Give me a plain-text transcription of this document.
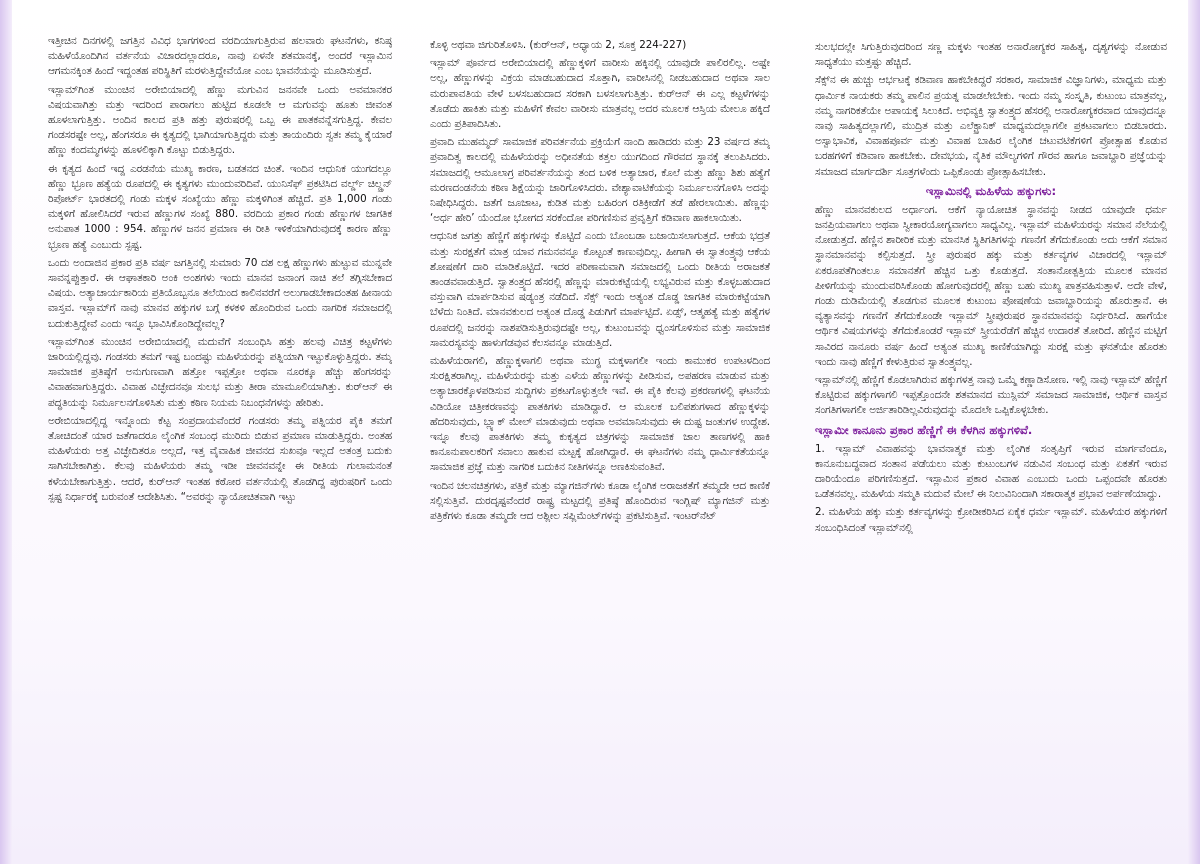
ಇತ್ತೀಚಿನ ದಿನಗಳಲ್ಲಿ ಜಗತ್ತಿನ ವಿವಿಧ ಭಾಗಗಳಿಂದ ವರದಿಯಾಗುತ್ತಿರುವ ಹಲವಾರು ಘಟನೆಗಳು, ಕನಿಷ್ಠ ಮಹಿಳೆಯೊಂದಿಗಿನ ವರ್ತನೆಯ ವಿಚಾರದಲ್ಲಾದರೂ, ನಾವು ಏಳನೇ ಶತಮಾನಕ್ಕೆ, ಅಂದರೆ ಇಸ್ಲಾಮಿನ ಆಗಮನಕ್ಕಿಂತ ಹಿಂದೆ ಇದ್ದಂತಹ ಪರಿಸ್ಥಿತಿಗೆ ಮರಳುತ್ತಿದ್ದೇವೆಯೋ ಎಂಬ ಭಾವನೆಯನ್ನು ಮೂಡಿಸುತ್ತದೆ.

ಇಸ್ಲಾಮ್‌ಗಿಂತ ಮುಂಚಿನ ಅರೇಬಿಯಾದಲ್ಲಿ ಹೆಣ್ಣು ಮಗುವಿನ ಜನನವೇ ಒಂದು ಅವಮಾನಕರ ವಿಷಯವಾಗಿತ್ತು ಮತ್ತು ಇದರಿಂದ ಪಾರಾಗಲು ಹುಟ್ಟಿದ ಕೂಡಲೇ ಆ ಮಗುವನ್ನು ಹೂತು ಜೀವಂತ ಹೂಳಲಾಗುತ್ತಿತ್ತು. ಅಂದಿನ ಕಾಲದ ಪ್ರತಿ ಹತ್ತು ಪುರುಷರಲ್ಲಿ ಒಬ್ಬ ಈ ಪಾತಕವನ್ನೆಸಗುತ್ತಿದ್ದ. ಕೇವಲ ಗಂಡಸರಷ್ಟೇ ಅಲ್ಲ, ಹೆಂಗಸರೂ ಈ ಕೃತ್ಯದಲ್ಲಿ ಭಾಗಿಯಾಗುತ್ತಿದ್ದರು ಮತ್ತು ತಾಯಂದಿರು ಸ್ವತಃ ತಮ್ಮ ಕೈಯಾರೆ ಹೆಣ್ಣು ಕಂದಮ್ಮಗಳನ್ನು ಹೂಳಲಿಕ್ಕಾಗಿ ಕೊಟ್ಟು ಬಿಡುತ್ತಿದ್ದರು.

ಈ ಕೃತ್ಯದ ಹಿಂದೆ ಇದ್ದ ಎರಡನೆಯ ಮುಖ್ಯ ಕಾರಣ, ಬಡತನದ ಚಿಂತೆ. ಇಂದಿನ ಆಧುನಿಕ ಯುಗದಲ್ಲೂ ಹೆಣ್ಣು ಭ್ರೂಣ ಹತ್ಯೆಯ ರೂಪದಲ್ಲಿ ಈ ಕೃತ್ಯಗಳು ಮುಂದುವರಿದಿವೆ. ಯುನಿಸೆಫ್ ಪ್ರಕಟಿಸಿದ ವರ್ಲ್ಡ್ ಚಿಲ್ಡ್ರನ್ ರಿಪೋರ್ಟ್ ಭಾರತದಲ್ಲಿ ಗಂಡು ಮಕ್ಕಳ ಸಂಖ್ಯೆಯು ಹೆಣ್ಣು ಮಕ್ಕಳಿಗಿಂತ ಹೆಚ್ಚಿದೆ. ಪ್ರತಿ 1,000 ಗಂಡು ಮಕ್ಕಳಿಗೆ ಹೋಲಿಸಿದರೆ ಇರುವ ಹೆಣ್ಣುಗಳ ಸಂಖ್ಯೆ 880. ವರದಿಯ ಪ್ರಕಾರ ಗಂಡು ಹೆಣ್ಣುಗಳ ಜಾಗತಿಕ ಅನುಪಾತ 1000 : 954. ಹೆಣ್ಣುಗಳ ಜನನ ಪ್ರಮಾಣ ಈ ರೀತಿ ಇಳಿಕೆಯಾಗಿರುವುದಕ್ಕೆ ಕಾರಣ ಹೆಣ್ಣು ಭ್ರೂಣ ಹತ್ಯೆ ಎಂಬುದು ಸ್ಪಷ್ಟ.

ಒಂದು ಅಂದಾಜಿನ ಪ್ರಕಾರ ಪ್ರತಿ ವರ್ಷ ಜಗತ್ತಿನಲ್ಲಿ ಸುಮಾರು 70 ದಶ ಲಕ್ಷ ಹೆಣ್ಣುಗಳು ಹುಟ್ಟುವ ಮುನ್ನವೇ ಸಾವನ್ನಪ್ಪುತ್ತಾರೆ. ಈ ಆಘಾತಕಾರಿ ಅಂಕಿ ಅಂಶಗಳು ಇಂದು ಮಾನವ ಜನಾಂಗ ನಾಚಿ ತಲೆ ತಗ್ಗಿಸಬೇಕಾದ ವಿಷಯ. ಅತ್ಯಾಚಾರ್ಯಕಾರಿಯ ಪ್ರತಿಯೊಬ್ಬನೂ ತಲೆಯಿಂದ ಕಾಲಿನವರೆಗೆ ಅಲುಗಾಡಬೇಕಾದಂತಹ ಹೀನಾಯ ವಾಸ್ತವ. ಇಸ್ಲಾಮ್‌ಗೆ ನಾವು ಮಾನವ ಹಕ್ಕುಗಳ ಬಗ್ಗೆ ಕಳಕಳಿ ಹೊಂದಿರುವ ಒಂದು ನಾಗರಿಕ ಸಮಾಜದಲ್ಲಿ ಬದುಕುತ್ತಿದ್ದೇವೆ ಎಂದು ಇನ್ನೂ ಭಾವಿಸಿಕೊಂಡಿದ್ದೇವಲ್ಲ?

ಇಸ್ಲಾಮ್‌ಗಿಂತ ಮುಂಚಿನ ಅರೇಬಿಯಾದಲ್ಲಿ ಮದುವೆಗೆ ಸಂಬಂಧಿಸಿ ಹತ್ತು ಹಲವು ವಿಚಿತ್ರ ಕಟ್ಟಳೆಗಳು ಜಾರಿಯಲ್ಲಿದ್ದವು. ಗಂಡಸರು ತಮಗೆ ಇಷ್ಟ ಬಂದಷ್ಟು ಮಹಿಳೆಯರನ್ನು ಪತ್ನಿಯಾಗಿ ಇಟ್ಟುಕೊಳ್ಳುತ್ತಿದ್ದರು. ತಮ್ಮ ಸಾಮಾಜಿಕ ಪ್ರತಿಷ್ಠೆಗೆ ಅನುಗುಣವಾಗಿ ಹತ್ತೋ ಇಪ್ಪತ್ತೋ ಅಥವಾ ನೂರಕ್ಕೂ ಹೆಚ್ಚು ಹೆಂಗಸರನ್ನು ವಿವಾಹವಾಗುತ್ತಿದ್ದರು. ವಿವಾಹ ವಿಚ್ಛೇದನವೂ ಸುಲಭ ಮತ್ತು ತೀರಾ ಮಾಮೂಲಿಯಾಗಿತ್ತು. ಕುರ್‌ಆನ್ ಈ ಪದ್ಧತಿಯನ್ನು ನಿರ್ಮೂಲನಗೊಳಿಸಿತು ಮತ್ತು ಕಠಿಣ ನಿಯಮ ನಿಬಂಧನೆಗಳನ್ನು ಹೇರಿತು.

ಅರೇಬಿಯಾದಲ್ಲಿದ್ದ ಇನ್ನೊಂದು ಕೆಟ್ಟ ಸಂಪ್ರದಾಯವೆಂದರೆ ಗಂಡಸರು ತಮ್ಮ ಪತ್ನಿಯರ ಪೈಕಿ ತಮಗೆ ತೋಚಿದಂತೆ ಯಾರ ಜತೆಗಾದರೂ ಲೈಂಗಿಕ ಸಂಬಂಧ ಮುರಿದು ಬಿಡುವ ಪ್ರಮಾಣ ಮಾಡುತ್ತಿದ್ದರು. ಅಂತಹ ಮಹಿಳೆಯರು ಅತ್ತ ವಿಚ್ಛೇದಿತರೂ ಅಲ್ಲದೆ, ಇತ್ತ ವೈವಾಹಿಕ ಜೀವನದ ಸುಖವೂ ಇಲ್ಲದೆ ಅತಂತ್ರ ಬದುಕು ಸಾಗಿಸಬೇಕಾಗಿತ್ತು. ಕೆಲವು ಮಹಿಳೆಯರು ತಮ್ಮ ಇಡೀ ಜೀವನವನ್ನೇ ಈ ರೀತಿಯ ಗುಲಾಮನಂತೆ ಕಳೆಯಬೇಕಾಗುತ್ತಿತ್ತು. ಆದರೆ, ಕುರ್‌ಆನ್ ಇಂತಹ ಕಠೋರ ವರ್ತನೆಯಲ್ಲಿ ತೊಡಗಿದ್ದ ಪುರುಷರಿಗೆ ಒಂದು ಸ್ಪಷ್ಟ ನಿರ್ಧಾರಕ್ಕೆ ಬರುವಂತೆ ಆದೇಶಿಸಿತು. “ಅವರನ್ನು ನ್ಯಾಯೋಚಿತವಾಗಿ ಇಟ್ಟು

ಕೊಳ್ಳಿ ಅಥವಾ ಜಿಗುರಿತೊಳಿಸಿ. (ಕುರ್‌ಆನ್, ಅಧ್ಯಾಯ 2, ಸೂಕ್ತ 224-227)

ಇಸ್ಲಾಮ್ ಪೂರ್ವದ ಅರೇಬಿಯಾದಲ್ಲಿ ಹೆಣ್ಣುಕ್ಕಳಿಗೆ ವಾರೀಸು ಹಕ್ಕಿನಲ್ಲಿ ಯಾವುದೇ ಪಾಲಿರಲಿಲ್ಲ. ಅಷ್ಟೇ ಅಲ್ಲ, ಹೆಣ್ಣುಗಳನ್ನು ವಿಕ್ರಯ ಮಾಡಬಹುದಾದ ಸೊತ್ತಾಗಿ, ವಾರೀಸಿನಲ್ಲಿ ನೀಡಬಹುದಾದ ಅಥವಾ ಸಾಲ ಮರುಪಾವತಿಯ ವೇಳೆ ಬಳಸಬಹುದಾದ ಸರಕಾಗಿ ಬಳಸಲಾಗುತ್ತಿತ್ತು. ಕುರ್‌ಆನ್ ಈ ಎಲ್ಲ ಕಟ್ಟಳೆಗಳನ್ನು ತೊಡೆದು ಹಾಕಿತು ಮತ್ತು ಮಹಿಳೆಗೆ ಕೇವಲ ವಾರೀಸು ಮಾತ್ರವಲ್ಲ ಅದರ ಮೂಲಕ ಆಸ್ತಿಯ ಮೇಲೂ ಹಕ್ಕಿದೆ ಎಂದು ಪ್ರತಿಪಾದಿಸಿತು.

ಪ್ರವಾದಿ ಮುಹಮ್ಮದ್ ಸಾಮಾಜಿಕ ಪರಿವರ್ತನೆಯ ಪ್ರಕ್ರಿಯೆಗೆ ನಾಂದಿ ಹಾಡಿದರು ಮತ್ತು 23 ವರ್ಷದ ತಮ್ಮ ಪ್ರವಾದಿತ್ವ ಕಾಲದಲ್ಲಿ ಮಹಿಳೆಯರನ್ನು ಅಧೀನತೆಯ ಕತ್ತಲ ಯುಗದಿಂದ ಗೌರವದ ಸ್ಥಾನಕ್ಕೆ ತಲುಪಿಸಿದರು. ಸಮಾಜದಲ್ಲಿ ಆಮೂಲಾಗ್ರ ಪರಿವರ್ತನೆಯನ್ನು ತಂದ ಬಳಿಕ ಅತ್ಯಾಚಾರ, ಕೊಲೆ ಮತ್ತು ಹೆಣ್ಣು ಶಿಶು ಹತ್ಯೆಗೆ ಮರಣದಂಡನೆಯ ಕಠಿಣ ಶಿಕ್ಷೆಯನ್ನು ಜಾರಿಗೊಳಿಸಿದರು. ವೇಶ್ಯಾವಾಟಿಕೆಯನ್ನು ನಿರ್ಮೂಲನಗೊಳಿಸಿ ಅದನ್ನು ನಿಷೇಧಿಸಿದ್ದರು. ಜತೆಗೆ ಜೂಜಾಟ, ಕುಡಿತ ಮತ್ತು ಬಹಿರಂಗ ರತಿಕ್ರೀಡೆಗೆ ತಡೆ ಹೇರಲಾಯಿತು. ಹೆಣ್ಣನ್ನು ‘ಅರ್ಧ ಹೇರಿ’ ಯೆಂದೋ ಭೋಗದ ಸರಕೆಂದೋ ಪರಿಗಣಿಸುವ ಪ್ರವೃತ್ತಿಗೆ ಕಡಿವಾಣ ಹಾಕಲಾಯಿತು.

ಆಧುನಿಕ ಜಗತ್ತು ಹೆಣ್ಣಿಗೆ ಹಕ್ಕುಗಳನ್ನು ಕೊಟ್ಟಿದೆ ಎಂದು ಬೊಂಬಡಾ ಬಜಾಯಿಸಲಾಗುತ್ತದೆ. ಆಕೆಯ ಭದ್ರತೆ ಮತ್ತು ಸುರಕ್ಷತೆಗೆ ಮಾತ್ರ ಯಾವ ಗಮನವನ್ನೂ ಕೊಟ್ಟಂತೆ ಕಾಣುವುದಿಲ್ಲ. ಹೀಗಾಗಿ ಈ ಸ್ವಾತಂತ್ರ್ಯವು ಆಕೆಯ ಶೋಷಣೆಗೆ ದಾರಿ ಮಾಡಿಕೊಟ್ಟಿದೆ. ಇದರ ಪರಿಣಾಮವಾಗಿ ಸಮಾಜದಲ್ಲಿ ಒಂದು ರೀತಿಯ ಅರಾಜಕತೆ ತಾಂಡವವಾಡುತ್ತಿದೆ. ಸ್ವಾತಂತ್ರ್ಯದ ಹೆಸರಲ್ಲಿ ಹೆಣ್ಣನ್ನು ಮಾರುಕಟ್ಟೆಯಲ್ಲಿ ಲಭ್ಯವಿರುವ ಮತ್ತು ಕೊಳ್ಳಬಹುದಾದ ವಸ್ತುವಾಗಿ ಮಾರ್ಪಡಿಸುವ ಷಡ್ಯಂತ್ರ ನಡೆದಿದೆ. ಸೆಕ್ಸ್ ಇಂದು ಅತ್ಯಂತ ದೊಡ್ಡ ಜಾಗತಿಕ ಮಾರುಕಟ್ಟೆಯಾಗಿ ಬೆಳೆದು ನಿಂತಿದೆ. ಮಾನವಕುಲದ ಅತ್ಯಂತ ದೊಡ್ಡ ಪಿಡುಗಿಗೆ ಮಾರ್ಪಟ್ಟಿದೆ. ಏಡ್ಸ್, ಆತ್ಮಹತ್ಯೆ ಮತ್ತು ಹತ್ಯೆಗಳ ರೂಪದಲ್ಲಿ ಜನರನ್ನು ನಾಶಪಡಿಸುತ್ತಿರುವುದಷ್ಟೇ ಅಲ್ಲ, ಕುಟುಂಬವನ್ನು ಧ್ವಂಸಗೊಳಿಸುವ ಮತ್ತು ಸಾಮಾಜಿಕ ಸಾಮರಸ್ಯವನ್ನು ಹಾಳುಗೆಡವುವ ಕೆಲಸವನ್ನೂ ಮಾಡುತ್ತಿದೆ.

ಮಹಿಳೆಯರಾಗಲಿ, ಹೆಣ್ಣುಕ್ಕಳಾಗಲಿ ಅಥವಾ ಮುಗ್ಧ ಮಕ್ಕಳಾಗಲೀ ಇಂದು ಕಾಮುಕರ ಉಪಟಳದಿಂದ ಸುರಕ್ಷಿತರಾಗಿಲ್ಲ. ಮಹಿಳೆಯರನ್ನು ಮತ್ತು ಎಳೆಯ ಹೆಣ್ಣುಗಳನ್ನು ಪೀಡಿಸುವ, ಅಪಹರಣ ಮಾಡುವ ಮತ್ತು ಅತ್ಯಾಚಾರಕ್ಕೊಳಪಡಿಸುವ ಸುದ್ದಿಗಳು ಪ್ರಕಟಗೊಳ್ಳುತ್ತಲೇ ಇವೆ. ಈ ಪೈಕಿ ಕೆಲವು ಪ್ರಕರಣಗಳಲ್ಲಿ ಘಟನೆಯ ವಿಡಿಯೋ ಚಿತ್ರೀಕರಣವನ್ನು ಪಾತಕಿಗಳು ಮಾಡಿದ್ದಾರೆ. ಆ ಮೂಲಕ ಬಲಿಪಶುಗಳಾದ ಹೆಣ್ಣುಕ್ಕಳನ್ನು ಹೆದರಿಸುವುದು, ಬ್ಲ್ಯಾಕ್ ಮೇಲ್ ಮಾಡುವುದು ಅಥವಾ ಅವಮಾನಿಸುವುದು ಈ ದುಷ್ಟ ಜಂತುಗಳ ಉದ್ದೇಶ. ಇನ್ನೂ ಕೆಲವು ಪಾತಕಿಗಳು ತಮ್ಮ ಕುಕೃತ್ಯದ ಚಿತ್ರಗಳನ್ನು ಸಾಮಾಜಿಕ ಜಾಲ ತಾಣಗಳಲ್ಲಿ ಹಾಕಿ ಕಾನೂನುಪಾಲಕರಿಗೆ ಸವಾಲು ಹಾಕುವ ಮಟ್ಟಕ್ಕೆ ಹೋಗಿದ್ದಾರೆ. ಈ ಘಟನೆಗಳು ನಮ್ಮ ಧಾರ್ಮಿಕತೆಯನ್ನೂ ಸಾಮಾಜಿಕ ಪ್ರಜ್ಞೆ ಮತ್ತು ನಾಗರಿಕ ಬದುಕಿನ ನೀತಿಗಳನ್ನೂ ಅಣಕಿಸುವಂತಿವೆ.

ಇಂದಿನ ಚಲನಚಿತ್ರಗಳು, ಪತ್ರಿಕೆ ಮತ್ತು ಮ್ಯಾಗಜಿನ್‌ಗಳು ಕೂಡಾ ಲೈಂಗಿಕ ಅರಾಜಕತೆಗೆ ತಮ್ಮದೇ ಆದ ಕಾಣಿಕೆ ಸಲ್ಲಿಸುತ್ತಿವೆ. ದುರದೃಷ್ಟವೆಂದರೆ ರಾಷ್ಟ್ರ ಮಟ್ಟದಲ್ಲಿ ಪ್ರತಿಷ್ಠೆ ಹೊಂದಿರುವ ಇಂಗ್ಲಿಷ್ ಮ್ಯಾಗಜಿನ್ ಮತ್ತು ಪತ್ರಿಕೆಗಳು ಕೂಡಾ ತಮ್ಮದೇ ಆದ ಅಶ್ಲೀಲ ಸಪ್ಲಿಮೆಂಟ್‌ಗಳನ್ನು ಪ್ರಕಟಿಸುತ್ತಿವೆ. ಇಂಟರ್‌ನೆಟ್

ಸುಲಭದಲ್ಲೇ ಸಿಗುತ್ತಿರುವುದರಿಂದ ಸಣ್ಣ ಮಕ್ಕಳು ಇಂತಹ ಅನಾರೋಗ್ಯಕರ ಸಾಹಿತ್ಯ, ದೃಶ್ಯಗಳನ್ನು ನೋಡುವ ಸಾಧ್ಯತೆಯು ಮತ್ತಷ್ಟು ಹೆಚ್ಚಿದೆ.

ಸೆಕ್ಸ್‌ನ ಈ ಹುಚ್ಚು ಆರ್ಭಟಕ್ಕೆ ಕಡಿವಾಣ ಹಾಕಬೇಕಿದ್ದರೆ ಸರಕಾರ, ಸಾಮಾಜಿಕ ವಿಜ್ಞಾನಿಗಳು, ಮಾಧ್ಯಮ ಮತ್ತು ಧಾರ್ಮಿಕ ನಾಯಕರು ತಮ್ಮ ಪಾಲಿನ ಪ್ರಯತ್ನ ಮಾಡಲೇಬೇಕು. ಇಂದು ನಮ್ಮ ಸಂಸ್ಕೃತಿ, ಕುಟುಂಬ ಮಾತ್ರವಲ್ಲ, ನಮ್ಮ ನಾಗರಿಕತೆಯೇ ಅಪಾಯಕ್ಕೆ ಸಿಲುಕಿದೆ. ಅಭಿವ್ಯಕ್ತಿ ಸ್ವಾತಂತ್ರ್ಯದ ಹೆಸರಲ್ಲಿ ಅನಾರೋಗ್ಯಕರವಾದ ಯಾವುದನ್ನೂ ನಾವು ಸಾಹಿತ್ಯದಲ್ಲಾಗಲಿ, ಮುದ್ರಿತ ಮತ್ತು ಎಲೆಕ್ಟ್ರಾನಿಕ್ ಮಾಧ್ಯಮದಲ್ಲಾಗಲೀ ಪ್ರಕಟವಾಗಲು ಬಿಡಬಾರದು. ಅಸ್ವಾಭಾವಿಕ, ವಿವಾಹಪೂರ್ವ ಮತ್ತು ವಿವಾಹ ಬಾಹಿರ ಲೈಂಗಿಕ ಚಟುವಟಿಕೆಗಳಿಗೆ ಪ್ರೋತ್ಸಾಹ ಕೊಡುವ ಬರಹಗಳಿಗೆ ಕಡಿವಾಣ ಹಾಕಬೇಕು. ದೇವಭಯ, ನೈತಿಕ ಮೌಲ್ಯಗಳಿಗೆ ಗೌರವ ಹಾಗೂ ಜವಾಬ್ದಾರಿ ಪ್ರಜ್ಞೆಯನ್ನು ಸಮಾಜದ ಮಾರ್ಗದರ್ಶಿ ಸೂತ್ರಗಳೆಂದು ಒಪ್ಪಿಕೊಂಡು ಪ್ರೋತ್ಸಾಹಿಸಬೇಕು.

ಇಸ್ಲಾಮಿನಲ್ಲಿ ಮಹಿಳೆಯ ಹಕ್ಕುಗಳು:

ಹೆಣ್ಣು ಮಾನವಕುಲದ ಅರ್ಧಾಂಗ. ಆಕೆಗೆ ನ್ಯಾಯೋಚಿತ ಸ್ಥಾನವನ್ನು ನೀಡದ ಯಾವುದೇ ಧರ್ಮ ಜನಪ್ರಿಯವಾಗಲು ಅಥವಾ ಸ್ವೀಕಾರಯೋಗ್ಯವಾಗಲು ಸಾಧ್ಯವಿಲ್ಲ. ಇಸ್ಲಾಮ್ ಮಹಿಳೆಯರನ್ನು ಸಮಾನ ನೆಲೆಯಲ್ಲಿ ನೋಡುತ್ತದೆ. ಹೆಣ್ಣಿನ ಶಾರೀರಿಕ ಮತ್ತು ಮಾನಸಿಕ ಸ್ಥಿತಿಗತಿಗಳನ್ನು ಗಣನೆಗೆ ತೆಗೆದುಕೊಂಡು ಅದು ಆಕೆಗೆ ಸಮಾನ ಸ್ಥಾನಮಾನವನ್ನು ಕಲ್ಪಿಸುತ್ತದೆ. ಸ್ತ್ರೀ ಪುರುಷರ ಹಕ್ಕು ಮತ್ತು ಕರ್ತವ್ಯಗಳ ವಿಚಾರದಲ್ಲಿ ಇಸ್ಲಾಮ್ ಏಕರೂಪತೆಗಿಂತಲೂ ಸಮಾನತೆಗೆ ಹೆಚ್ಚಿನ ಒತ್ತು ಕೊಡುತ್ತದೆ. ಸಂತಾನೋತ್ಪತ್ತಿಯ ಮೂಲಕ ಮಾನವ ಪೀಳಿಗೆಯನ್ನು ಮುಂದುವರಿಸಿಕೊಂಡು ಹೋಗುವುದರಲ್ಲಿ ಹೆಣ್ಣು ಬಹು ಮುಖ್ಯ ಪಾತ್ರವಹಿಸುತ್ತಾಳೆ. ಅದೇ ವೇಳೆ, ಗಂಡು ದುಡಿಮೆಯಲ್ಲಿ ತೊಡಗುವ ಮೂಲಕ ಕುಟುಂಬ ಪೋಷಣೆಯ ಜವಾಬ್ದಾರಿಯನ್ನು ಹೊರುತ್ತಾನೆ. ಈ ವ್ಯತ್ಯಾಸವನ್ನು ಗಣನೆಗೆ ತೆಗೆದುಕೊಂಡೇ ಇಸ್ಲಾಮ್ ಸ್ತ್ರೀಪುರುಷರ ಸ್ಥಾನಮಾನವನ್ನು ನಿರ್ಧರಿಸಿದೆ. ಹಾಗೆಯೇ ಆರ್ಥಿಕ ವಿಷಯಗಳನ್ನು ತೆಗೆದುಕೊಂಡರೆ ಇಸ್ಲಾಮ್ ಸ್ತ್ರೀಯರೆಡೆಗೆ ಹೆಚ್ಚಿನ ಉದಾರತೆ ತೋರಿದೆ. ಹೆಣ್ಣಿನ ಮಟ್ಟಿಗೆ ಸಾವಿರದ ನಾನೂರು ವರ್ಷ ಹಿಂದೆ ಅತ್ಯಂತ ಮುಖ್ಯ ಕಾಣಿಕೆಯಾಗಿದ್ದು ಸುರಕ್ಷೆ ಮತ್ತು ಘನತೆಯೇ ಹೊರತು ಇಂದು ನಾವು ಹೆಣ್ಣಿಗೆ ಕೇಳುತ್ತಿರುವ ಸ್ವಾತಂತ್ರ್ಯವಲ್ಲ.

ಇಸ್ಲಾಮ್‌ನಲ್ಲಿ ಹೆಣ್ಣಿಗೆ ಕೊಡಲಾಗಿರುವ ಹಕ್ಕುಗಳತ್ತ ನಾವು ಒಮ್ಮೆ ಕಣ್ಣಾಡಿಸೋಣ. ಇಲ್ಲಿ ನಾವು ಇಸ್ಲಾಮ್ ಹೆಣ್ಣಿಗೆ ಕೊಟ್ಟಿರುವ ಹಕ್ಕುಗಳಾಗಲಿ ಇಪ್ಪತ್ತೊಂದನೇ ಶತಮಾನದ ಮುಸ್ಲಿಮ್ ಸಮಾಜದ ಸಾಮಾಜಿಕ, ಆರ್ಥಿಕ ವಾಸ್ತವ ಸಂಗತಿಗಳಾಗಲೀ ಅರ್ಜಿತಾರಿಡಿಲ್ಲವಿರುವುದನ್ನು ಮೊದಲೇ ಒಪ್ಪಿಕೊಳ್ಳಬೇಕು.

ಇಸ್ಲಾಮೀ ಕಾನೂನು ಪ್ರಕಾರ ಹೆಣ್ಣಿಗೆ ಈ ಕೆಳಗಿನ ಹಕ್ಕುಗಳಿವೆ.

1. ಇಸ್ಲಾಮ್ ವಿವಾಹವನ್ನು ಭಾವನಾತ್ಮಕ ಮತ್ತು ಲೈಂಗಿಕ ಸಂತೃಪ್ತಿಗೆ ಇರುವ ಮಾರ್ಗವೆಂದೂ, ಕಾನೂನುಬದ್ಧವಾದ ಸಂತಾನ ಪಡೆಯಲು ಮತ್ತು ಕುಟುಂಬಗಳ ನಡುವಿನ ಸಂಬಂಧ ಮತ್ತು ಏಕತೆಗೆ ಇರುವ ದಾರಿಯೆಂದೂ ಪರಿಗಣಿಸುತ್ತದೆ. ಇಸ್ಲಾಮಿನ ಪ್ರಕಾರ ವಿವಾಹ ಎಂಬುದು ಒಂದು ಒಪ್ಪಂದವೇ ಹೊರತು ಒಡೆತನವಲ್ಲ. ಮಹಿಳೆಯ ಸಮ್ಮತಿ ಮದುವೆ ಮೇಲೆ ಈ ನಿಲುವಿನಿಂದಾಗಿ ಸಕಾರಾತ್ಮಕ ಪ್ರಭಾವ ಅರ್ಪಣೆಯಾದ್ದು.

2. ಮಹಿಳೆಯ ಹಕ್ಕು ಮತ್ತು ಕರ್ತವ್ಯಗಳನ್ನು ಕ್ರೋಡೀಕರಿಸಿದ ಏಕೈಕ ಧರ್ಮ ಇಸ್ಲಾಮ್. ಮಹಿಳೆಯರ ಹಕ್ಕುಗಳಿಗೆ ಸಂಬಂಧಿಸಿದಂತೆ ಇಸ್ಲಾಮ್‌ನಲ್ಲಿ
